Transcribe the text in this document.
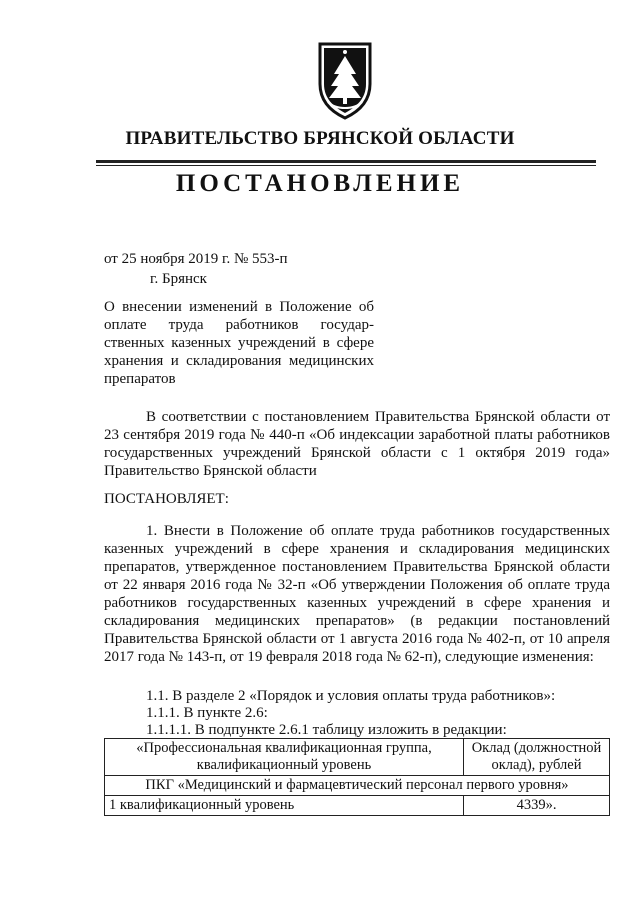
ПРАВИТЕЛЬСТВО БРЯНСКОЙ ОБЛАСТИ
ПОСТАНОВЛЕНИЕ
от 25 ноября 2019 г. № 553-п
г. Брянск
О внесении изменений в Положение об оплате труда работников государ-ственных казенных учреждений в сфере хранения и складирования медицинских препаратов
В соответствии с постановлением Правительства Брянской области от 23 сентября 2019 года № 440-п «Об индексации заработной платы работников государственных учреждений Брянской области с 1 октября 2019 года» Правительство Брянской области
ПОСТАНОВЛЯЕТ:
1. Внести в Положение об оплате труда работников государственных казенных учреждений в сфере хранения и складирования медицинских препаратов, утвержденное постановлением Правительства Брянской области от 22 января 2016 года № 32-п «Об утверждении Положения об оплате труда работников государственных казенных учреждений в сфере хранения и складирования медицинских препаратов» (в редакции постановлений Правительства Брянской области от 1 августа 2016 года № 402-п, от 10 апреля 2017 года № 143-п, от 19 февраля 2018 года № 62-п), следующие изменения:
1.1. В разделе 2 «Порядок и условия оплаты труда работников»:
1.1.1. В пункте 2.6:
1.1.1.1. В подпункте 2.6.1 таблицу изложить в редакции:
«Профессиональная квалификационная группа, квалификационный уровень	Оклад (должностной оклад), рублей
ПКГ «Медицинский и фармацевтический персонал первого уровня»	
1 квалификационный уровень	4339».
